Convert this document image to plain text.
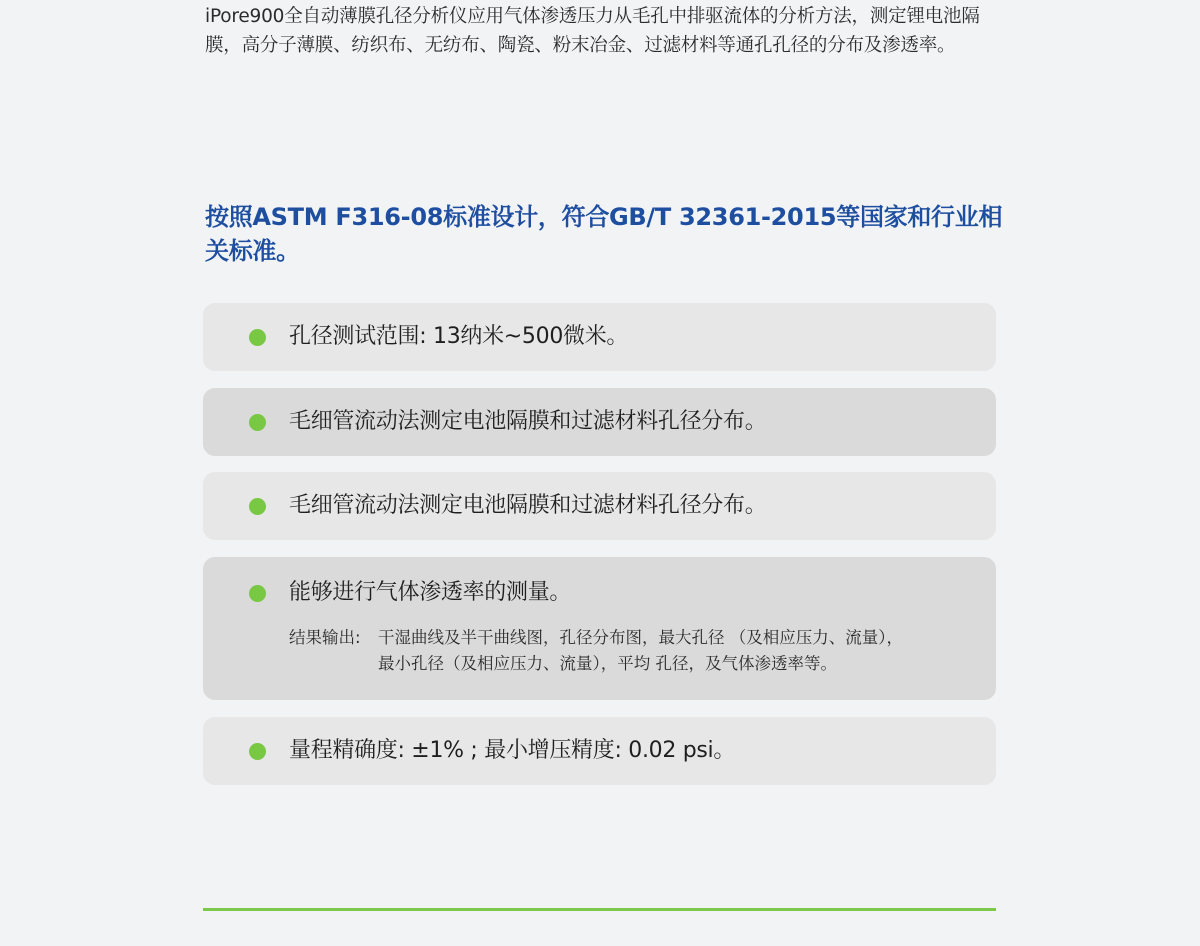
iPore900全自动薄膜孔径分析仪应用气体渗透压力从毛孔中排驱流体的分析方法，测定锂电池隔膜，高分子薄膜、纺织布、无纺布、陶瓷、粉末冶金、过滤材料等通孔孔径的分布及渗透率。

按照ASTM F316-08标准设计，符合GB/T 32361-2015等国家和行业相关标准。
孔径测试范围: 13纳米~500微米。
毛细管流动法测定电池隔膜和过滤材料孔径分布。
毛细管流动法测定电池隔膜和过滤材料孔径分布。
能够进行气体渗透率的测量。
结果输出: 干湿曲线及半干曲线图，孔径分布图，最大孔径 （及相应压力、流量），
最小孔径（及相应压力、流量），平均 孔径，及气体渗透率等。
量程精确度: ±1% ; 最小增压精度: 0.02 psi。
